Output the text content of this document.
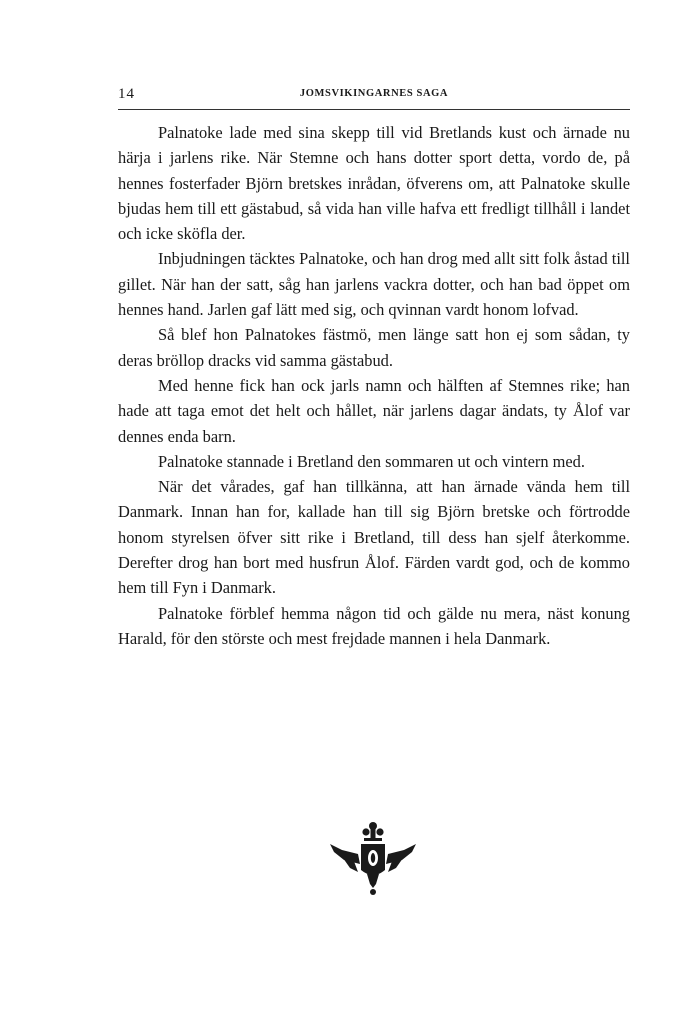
14	JOMSVIKINGARNES SAGA

Palnatoke lade med sina skepp till vid Bretlands kust och ärnade nu härja i jarlens rike. När Stemne och hans dotter sport detta, vordo de, på hennes fosterfader Björn bretskes inrådan, öfverens om, att Palnatoke skulle bjudas hem till ett gästabud, så vida han ville hafva ett fredligt tillhåll i landet och icke sköfla der.

Inbjudningen täcktes Palnatoke, och han drog med allt sitt folk åstad till gillet. När han der satt, såg han jarlens vackra dotter, och han bad öppet om hennes hand. Jarlen gaf lätt med sig, och qvinnan vardt honom lofvad.

Så blef hon Palnatokes fästmö, men länge satt hon ej som sådan, ty deras bröllop dracks vid samma gästabud.

Med henne fick han ock jarls namn och hälften af Stemnes rike; han hade att taga emot det helt och hållet, när jarlens dagar ändats, ty Ålof var dennes enda barn.

Palnatoke stannade i Bretland den sommaren ut och vintern med.

När det vårades, gaf han tillkänna, att han ärnade vända hem till Danmark. Innan han for, kallade han till sig Björn bretske och förtrodde honom styrelsen öfver sitt rike i Bretland, till dess han sjelf återkomme. Derefter drog han bort med husfrun Ålof. Färden vardt god, och de kommo hem till Fyn i Danmark.

Palnatoke förblef hemma någon tid och gälde nu mera, näst konung Harald, för den störste och mest frejdade mannen i hela Danmark.
